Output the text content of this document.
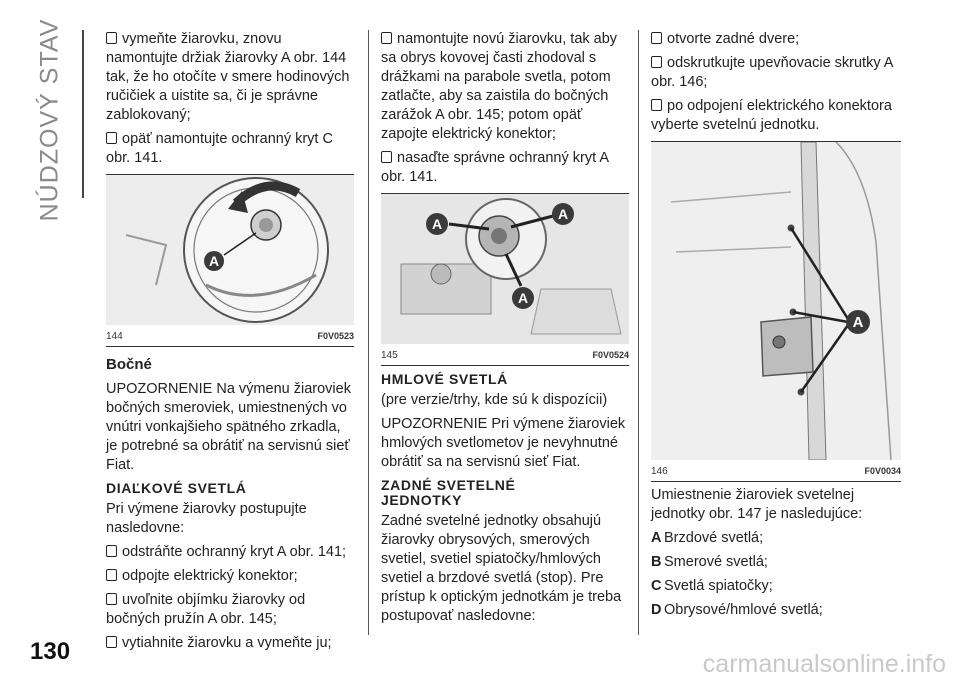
NÚDZOVÝ STAV
130	carmanualsonline.info

vymeňte žiarovku, znovu namontujte držiak žiarovky A obr. 144 tak, že ho otočíte v smere hodinových ručičiek a uistite sa, či je správne zablokovaný;

opäť namontujte ochranný kryt C obr. 141.

A
144	F0V0523
Bočné

UPOZORNENIE Na výmenu žiaroviek bočných smeroviek, umiestnených vo vnútri vonkajšieho spätného zrkadla, je potrebné sa obrátiť na servisnú sieť Fiat.

DIAĽKOVÉ SVETLÁ

Pri výmene žiarovky postupujte nasledovne:

odstráňte ochranný kryt A obr. 141;

odpojte elektrický konektor;

uvoľnite objímku žiarovky od bočných pružín A obr. 145;

vytiahnite žiarovku a vymeňte ju;

namontujte novú žiarovku, tak aby sa obrys kovovej časti zhodoval s drážkami na parabole svetla, potom zatlačte, aby sa zaistila do bočných zarážok A obr. 145; potom opäť zapojte elektrický konektor;

nasaďte správne ochranný kryt A obr. 141.

A
A
A
145	F0V0524
HMLOVÉ SVETLÁ

(pre verzie/trhy, kde sú k dispozícii)

UPOZORNENIE Pri výmene žiaroviek hmlových svetlometov je nevyhnutné obrátiť sa na servisnú sieť Fiat.

ZADNÉ SVETELNÉ
JEDNOTKY

Zadné svetelné jednotky obsahujú žiarovky obrysových, smerových svetiel, svetiel spiatočky/hmlových svetiel a brzdové svetlá (stop). Pre prístup k optickým jednotkám je treba postupovať nasledovne:

otvorte zadné dvere;

odskrutkujte upevňovacie skrutky A obr. 146;

po odpojení elektrického konektora vyberte svetelnú jednotku.

A
146	F0V0034

Umiestnenie žiaroviek svetelnej jednotky obr. 147 je nasledujúce:

A Brzdové svetlá;

B Smerové svetlá;

C Svetlá spiatočky;

D Obrysové/hmlové svetlá;
